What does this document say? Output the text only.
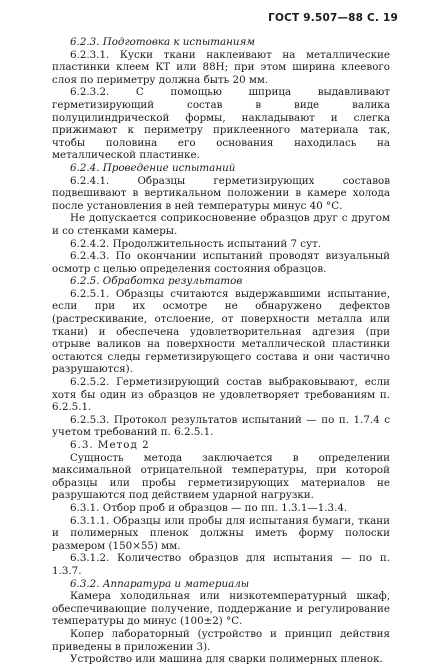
ГОСТ 9.507—88 С. 19

6.2.3. Подготовка к испытаниям

6.2.3.1. Куски ткани наклеивают на металлические пластинки клеем КТ или 88Н; при этом ширина клеевого слоя по периметру должна быть 20 мм.

6.2.3.2. С помощью шприца выдавливают герметизирующий состав в виде валика полуцилиндрической формы, накладывают и слегка прижимают к периметру приклеенного материала так, чтобы половина его основания находилась на металлической пластинке.

6.2.4. Проведение испытаний

6.2.4.1. Образцы герметизирующих составов подвешивают в вертикальном положении в камере холода после установления в ней температуры минус 40 °С.

Не допускается соприкосновение образцов друг с другом и со стенками камеры.

6.2.4.2. Продолжительность испытаний 7 сут.

6.2.4.3. По окончании испытаний проводят визуальный осмотр с целью определения состояния образцов.

6.2.5. Обработка результатов

6.2.5.1. Образцы считаются выдержавшими испытание, если при их осмотре не обнаружено дефектов (растрескивание, отслоение, от поверхности металла или ткани) и обеспечена удовлетворительная адгезия (при отрыве валиков на поверхности металлической пластинки остаются следы герметизирующего состава и они частично разрушаются).

6.2.5.2. Герметизирующий состав выбраковывают, если хотя бы один из образцов не удовлетворяет требованиям п. 6.2.5.1.

6.2.5.3. Протокол результатов испытаний — по п. 1.7.4 с учетом требований п. 6.2.5.1.

6.3. Метод 2

Сущность метода заключается в определении максимальной отрицательной температуры, при которой образцы или пробы герметизирующих материалов не разрушаются под действием ударной нагрузки.

6.3.1. Отбор проб и образцов — по пп. 1.3.1—1.3.4.

6.3.1.1. Образцы или пробы для испытания бумаги, ткани и полимерных пленок должны иметь форму полоски размером (150×55) мм.

6.3.1.2. Количество образцов для испытания — по п. 1.3.7.

6.3.2. Аппаратура и материалы

Камера холодильная или низкотемпературный шкаф, обеспечивающие получение, поддержание и регулирование температуры до минус (100±2) °С.

Копер лабораторный (устройство и принцип действия приведены в приложении 3).

Устройство или машина для сварки полимерных пленок.
